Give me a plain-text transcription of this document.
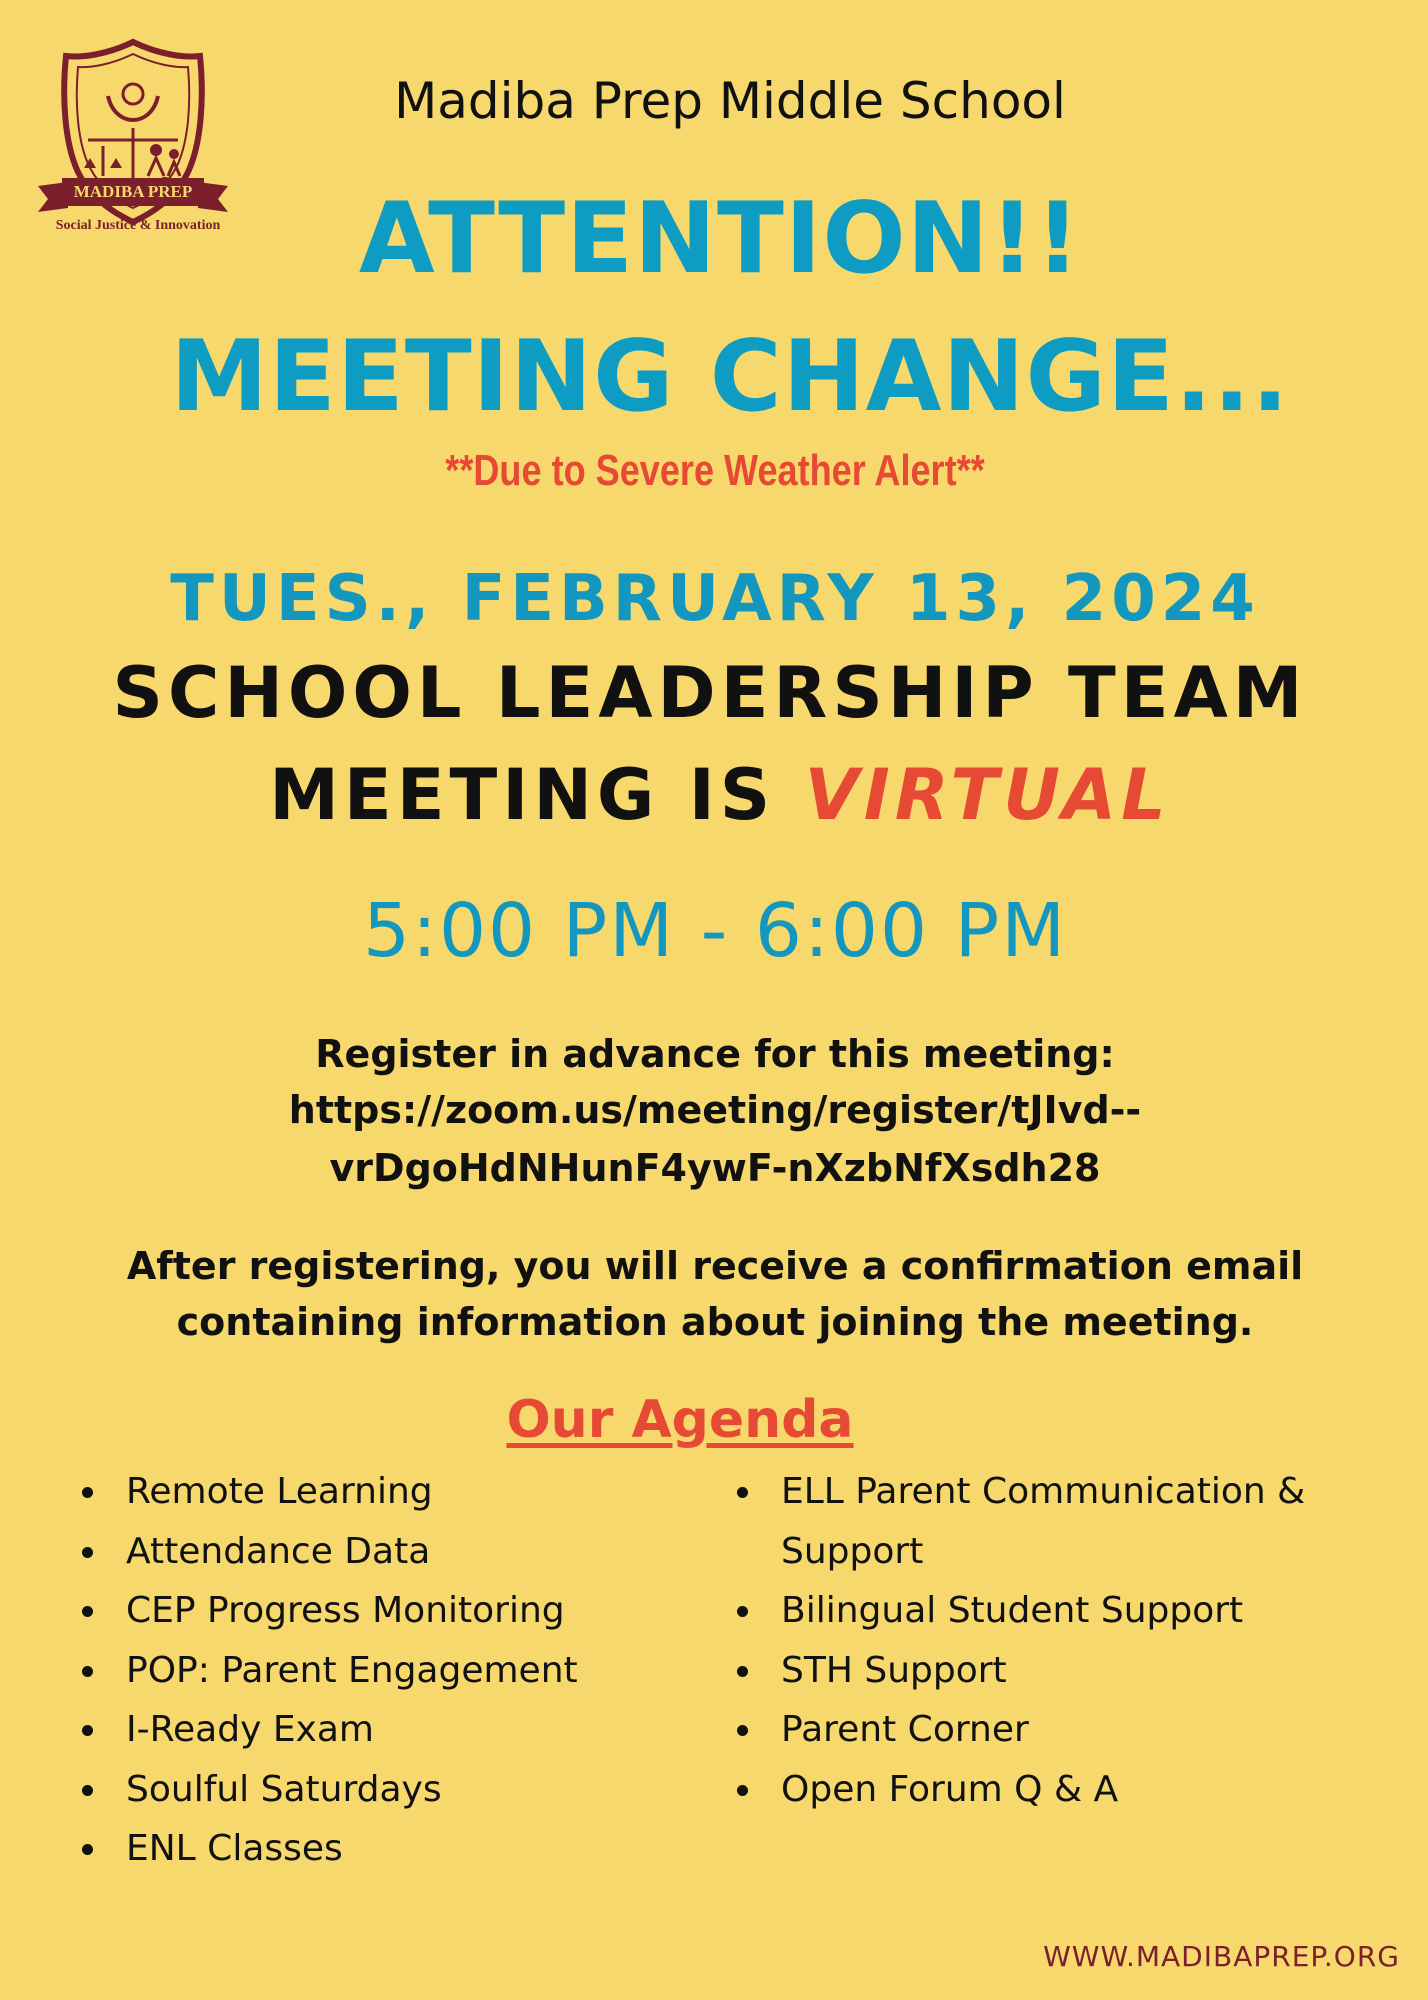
MADIBA PREP
Social Justice & Innovation
Madiba Prep Middle School
ATTENTION!!
MEETING CHANGE...
**Due to Severe Weather Alert**
TUES., FEBRUARY 13, 2024
SCHOOL LEADERSHIP TEAM
MEETING IS VIRTUAL
5:00 PM - 6:00 PM
Register in advance for this meeting:
https://zoom.us/meeting/register/tJIvd--
vrDgoHdNHunF4ywF-nXzbNfXsdh28
After registering, you will receive a confirmation email
containing information about joining the meeting.
Our Agenda
Remote Learning
Attendance Data
CEP Progress Monitoring
POP: Parent Engagement
I-Ready Exam
Soulful Saturdays
ENL Classes
ELL Parent Communication &
Support
Bilingual Student Support
STH Support
Parent Corner
Open Forum Q & A
WWW.MADIBAPREP.ORG
